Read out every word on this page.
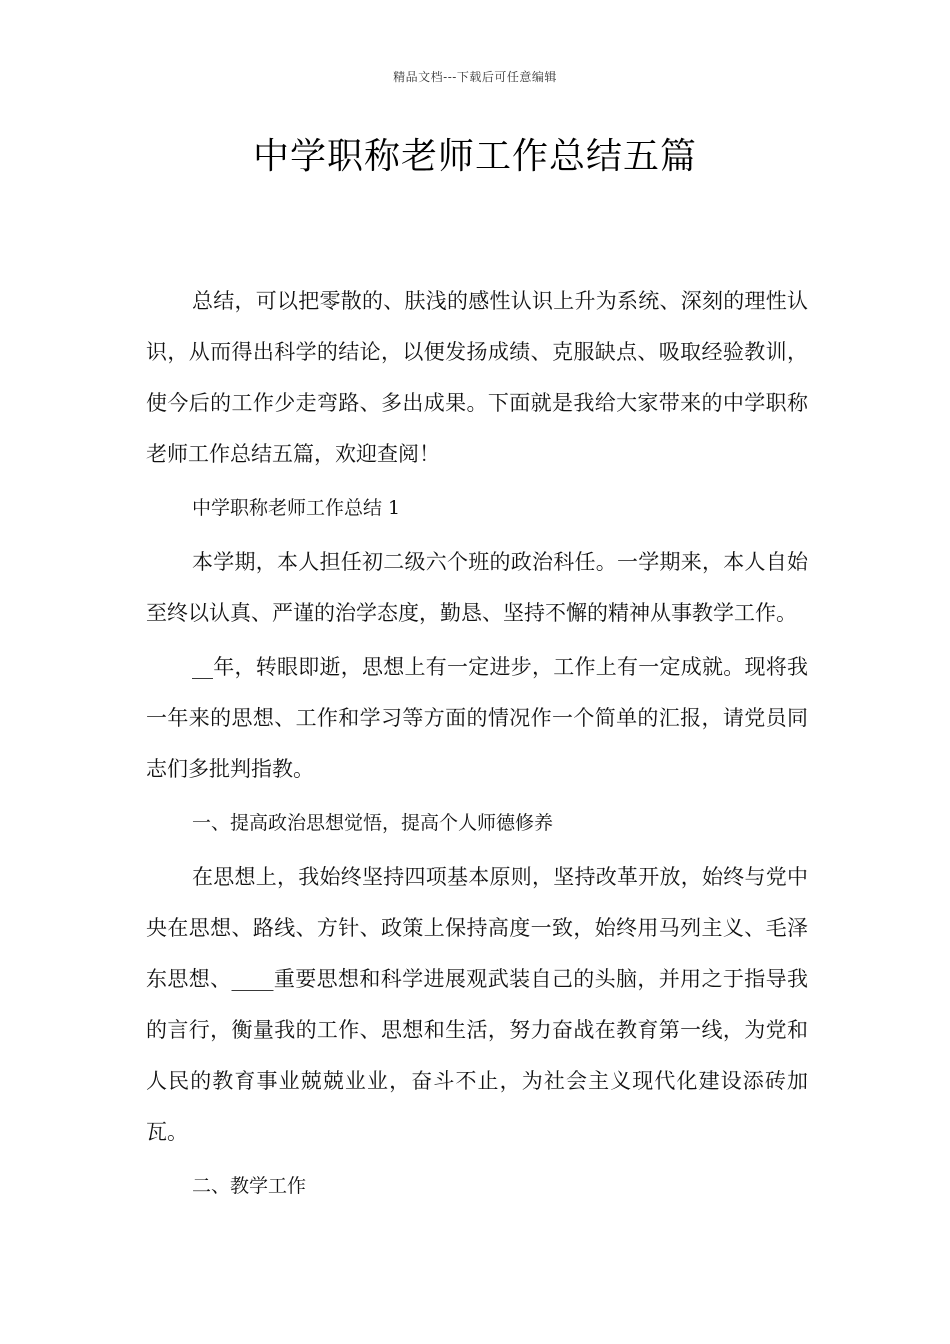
精品文档---下载后可任意编辑
中学职称老师工作总结五篇

总结，可以把零散的、肤浅的感性认识上升为系统、深刻的理性认识，从而得出科学的结论，以便发扬成绩、克服缺点、吸取经验教训，使今后的工作少走弯路、多出成果。下面就是我给大家带来的中学职称老师工作总结五篇，欢迎查阅！

中学职称老师工作总结 1

本学期，本人担任初二级六个班的政治科任。一学期来，本人自始至终以认真、严谨的治学态度，勤恳、坚持不懈的精神从事教学工作。

__年，转眼即逝，思想上有一定进步，工作上有一定成就。现将我一年来的思想、工作和学习等方面的情况作一个简单的汇报，请党员同志们多批判指教。

一、提高政治思想觉悟，提高个人师德修养

在思想上，我始终坚持四项基本原则，坚持改革开放，始终与党中央在思想、路线、方针、政策上保持高度一致，始终用马列主义、毛泽东思想、____重要思想和科学进展观武装自己的头脑，并用之于指导我的言行，衡量我的工作、思想和生活，努力奋战在教育第一线，为党和人民的教育事业兢兢业业，奋斗不止，为社会主义现代化建设添砖加瓦。

二、教学工作
